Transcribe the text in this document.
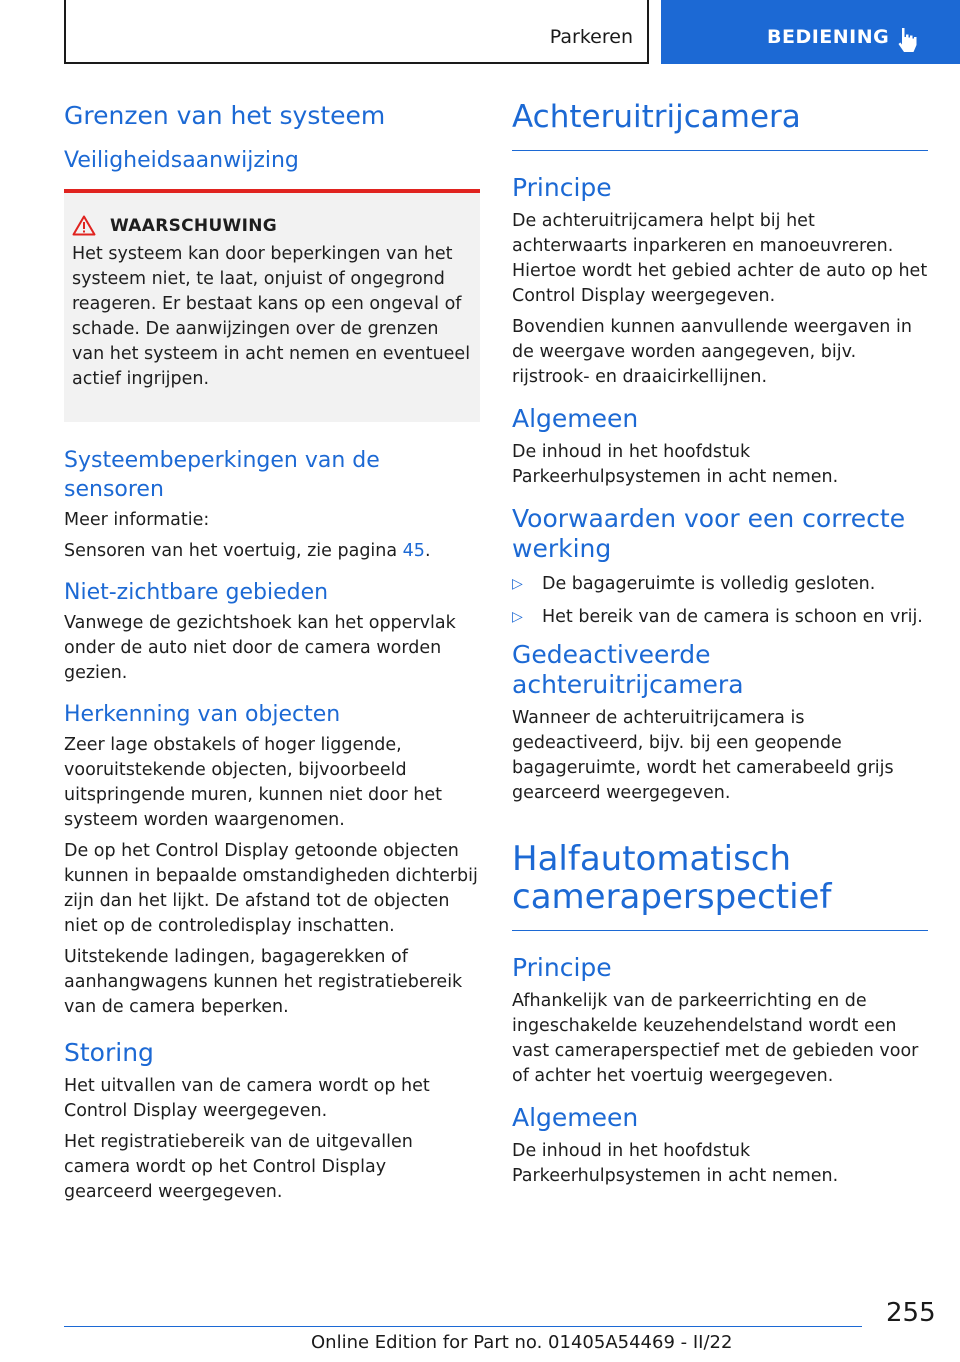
Parkeren	BEDIENING
Grenzen van het systeem
Veiligheidsaanwijzing
WAARSCHUWING

Het systeem kan door beperkingen van het systeem niet, te laat, onjuist of ongegrond reageren. Er bestaat kans op een ongeval of schade. De aanwijzingen over de grenzen van het systeem in acht nemen en eventueel actief ingrijpen.

Systeembeperkingen van de sensoren

Meer informatie:

Sensoren van het voertuig, zie pagina 45.

Niet-zichtbare gebieden

Vanwege de gezichtshoek kan het oppervlak onder de auto niet door de camera worden gezien.

Herkenning van objecten

Zeer lage obstakels of hoger liggende, vooruitstekende objecten, bijvoorbeeld uitspringende muren, kunnen niet door het systeem worden waargenomen.

De op het Control Display getoonde objecten kunnen in bepaalde omstandigheden dichterbij zijn dan het lijkt. De afstand tot de objecten niet op de controledisplay inschatten.

Uitstekende ladingen, bagagerekken of aanhangwagens kunnen het registratiebereik van de camera beperken.

Storing

Het uitvallen van de camera wordt op het Control Display weergegeven.

Het registratiebereik van de uitgevallen camera wordt op het Control Display gearceerd weergegeven.

Achteruitrijcamera
Principe

De achteruitrijcamera helpt bij het achterwaarts inparkeren en manoeuvreren. Hiertoe wordt het gebied achter de auto op het Control Display weergegeven.

Bovendien kunnen aanvullende weergaven in de weergave worden aangegeven, bijv. rijstrook- en draaicirkellijnen.

Algemeen

De inhoud in het hoofdstuk Parkeerhulpsystemen in acht nemen.

Voorwaarden voor een correcte werking
▷ De bagageruimte is volledig gesloten.
▷ Het bereik van de camera is schoon en vrij.
Gedeactiveerde achteruitrijcamera

Wanneer de achteruitrijcamera is gedeactiveerd, bijv. bij een geopende bagageruimte, wordt het camerabeeld grijs gearceerd weergegeven.

Halfautomatisch cameraperspectief
Principe

Afhankelijk van de parkeerrichting en de ingeschakelde keuzehendelstand wordt een vast cameraperspectief met de gebieden voor of achter het voertuig weergegeven.

Algemeen

De inhoud in het hoofdstuk Parkeerhulpsystemen in acht nemen.

255
Online Edition for Part no. 01405A54469 - II/22
